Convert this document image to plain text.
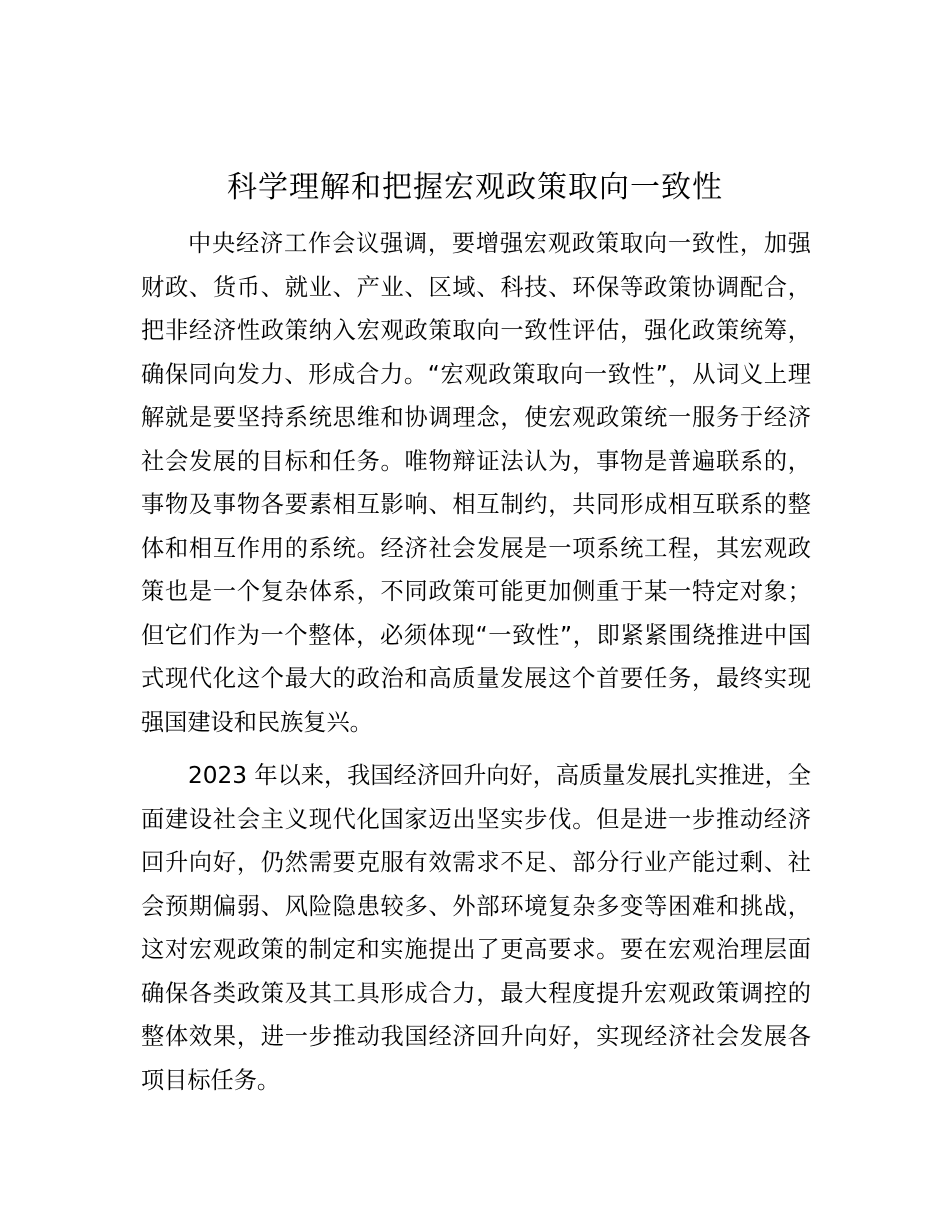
科学理解和把握宏观政策取向一致性

中央经济工作会议强调，要增强宏观政策取向一致性，加强财政、货币、就业、产业、区域、科技、环保等政策协调配合，把非经济性政策纳入宏观政策取向一致性评估，强化政策统筹，确保同向发力、形成合力。“宏观政策取向一致性”，从词义上理解就是要坚持系统思维和协调理念，使宏观政策统一服务于经济社会发展的目标和任务。唯物辩证法认为，事物是普遍联系的，事物及事物各要素相互影响、相互制约，共同形成相互联系的整体和相互作用的系统。经济社会发展是一项系统工程，其宏观政策也是一个复杂体系，不同政策可能更加侧重于某一特定对象；但它们作为一个整体，必须体现“一致性”，即紧紧围绕推进中国式现代化这个最大的政治和高质量发展这个首要任务，最终实现强国建设和民族复兴。

2023 年以来，我国经济回升向好，高质量发展扎实推进，全面建设社会主义现代化国家迈出坚实步伐。但是进一步推动经济回升向好，仍然需要克服有效需求不足、部分行业产能过剩、社会预期偏弱、风险隐患较多、外部环境复杂多变等困难和挑战，这对宏观政策的制定和实施提出了更高要求。要在宏观治理层面确保各类政策及其工具形成合力，最大程度提升宏观政策调控的整体效果，进一步推动我国经济回升向好，实现经济社会发展各项目标任务。
